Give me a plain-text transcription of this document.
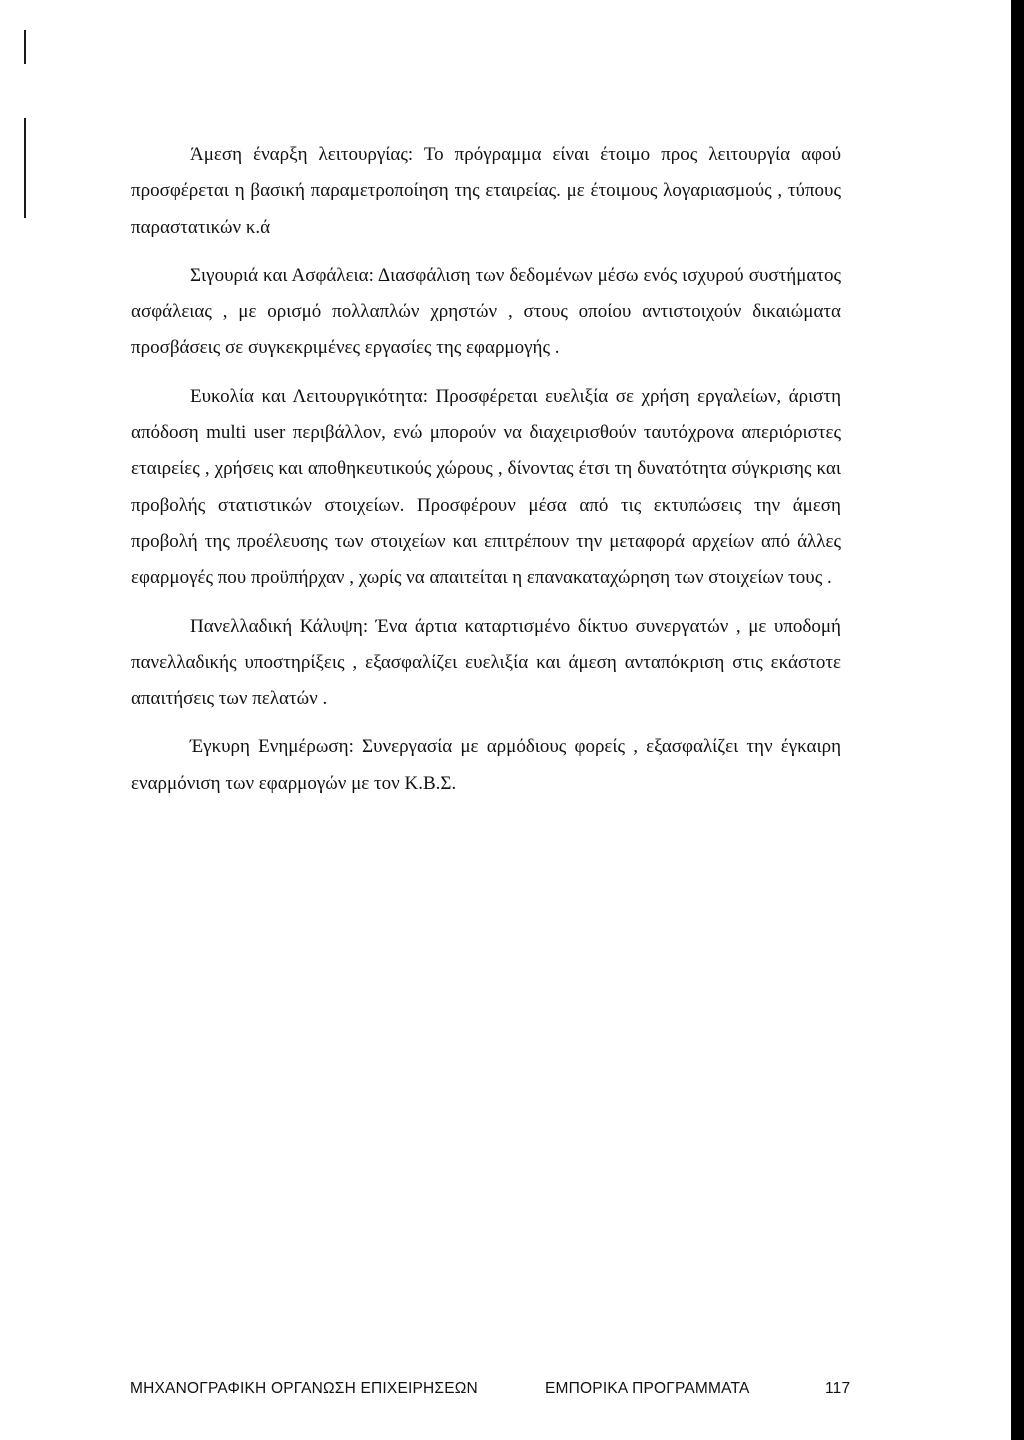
Άμεση έναρξη λειτουργίας: Το πρόγραμμα είναι έτοιμο προς λειτουργία αφού προσφέρεται η βασική παραμετροποίηση της εταιρείας. με έτοιμους λογαριασμούς , τύπους παραστατικών κ.ά

Σιγουριά και Ασφάλεια: Διασφάλιση των δεδομένων μέσω ενός ισχυρού συστήματος ασφάλειας , με ορισμό πολλαπλών χρηστών , στους οποίου αντιστοιχούν δικαιώματα προσβάσεις σε συγκεκριμένες εργασίες της εφαρμογής .

Ευκολία και Λειτουργικότητα: Προσφέρεται ευελιξία σε χρήση εργαλείων, άριστη απόδοση multi user περιβάλλον, ενώ μπορούν να διαχειρισθούν ταυτόχρονα απεριόριστες εταιρείες , χρήσεις και αποθηκευτικούς χώρους , δίνοντας έτσι τη δυνατότητα σύγκρισης και προβολής στατιστικών στοιχείων. Προσφέρουν μέσα από τις εκτυπώσεις την άμεση προβολή της προέλευσης των στοιχείων και επιτρέπουν την μεταφορά αρχείων από άλλες εφαρμογές που προϋπήρχαν , χωρίς να απαιτείται η επανακαταχώρηση των στοιχείων τους .

Πανελλαδική Κάλυψη: Ένα άρτια καταρτισμένο δίκτυο συνεργατών , με υποδομή πανελλαδικής υποστηρίξεις , εξασφαλίζει ευελιξία και άμεση ανταπόκριση στις εκάστοτε απαιτήσεις των πελατών .

Έγκυρη Ενημέρωση: Συνεργασία με αρμόδιους φορείς , εξασφαλίζει την έγκαιρη εναρμόνιση των εφαρμογών με τον Κ.Β.Σ.

ΜΗΧΑΝΟΓΡΑΦΙΚΗ ΟΡΓΑΝΩΣΗ ΕΠΙΧΕΙΡΗΣΕΩΝ	ΕΜΠΟΡΙΚΑ ΠΡΟΓΡΑΜΜΑΤΑ	117
